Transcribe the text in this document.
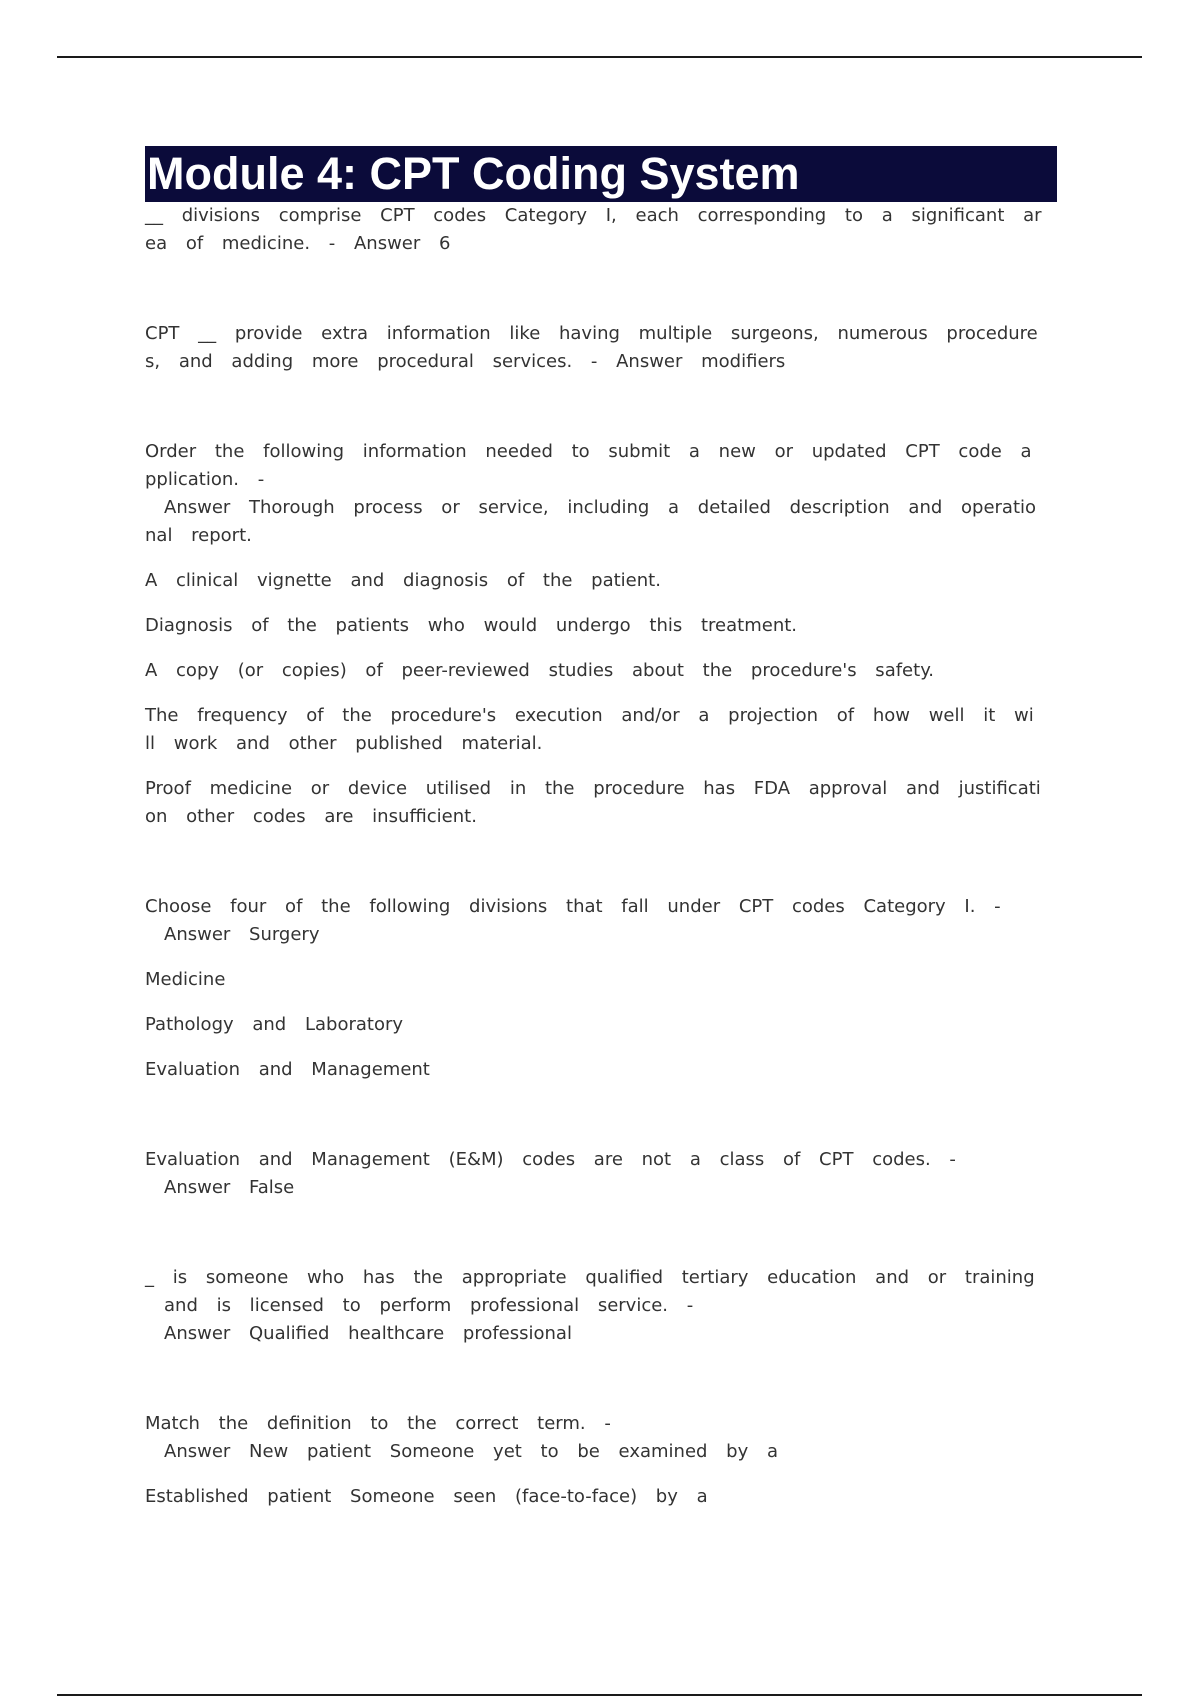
Module 4: CPT Coding System
__ divisions comprise CPT codes Category I, each corresponding to a significant ar
ea of medicine. - Answer 6
CPT __ provide extra information like having multiple surgeons, numerous procedure
s, and adding more procedural services. - Answer modifiers
Order the following information needed to submit a new or updated CPT code a
pplication. -
Answer Thorough process or service, including a detailed description and operatio
nal report.
A clinical vignette and diagnosis of the patient.
Diagnosis of the patients who would undergo this treatment.
A copy (or copies) of peer-reviewed studies about the procedure's safety.
The frequency of the procedure's execution and/or a projection of how well it wi
ll work and other published material.
Proof medicine or device utilised in the procedure has FDA approval and justificati
on other codes are insufficient.
Choose four of the following divisions that fall under CPT codes Category I. -
Answer Surgery
Medicine
Pathology and Laboratory
Evaluation and Management
Evaluation and Management (E&M) codes are not a class of CPT codes. -
Answer False
_ is someone who has the appropriate qualified tertiary education and or training
and is licensed to perform professional service. -
Answer Qualified healthcare professional
Match the definition to the correct term. -
Answer New patient Someone yet to be examined by a
Established patient Someone seen (face-to-face) by a
